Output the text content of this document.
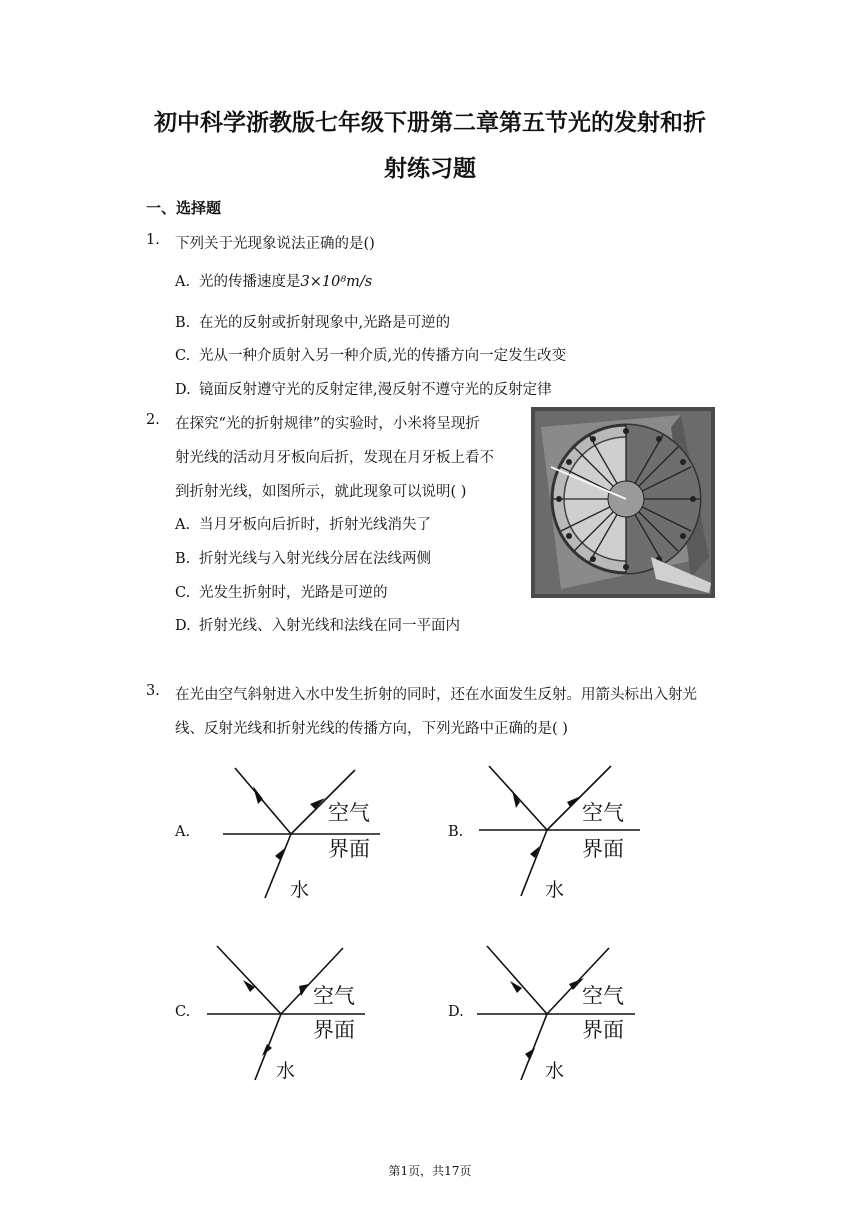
初中科学浙教版七年级下册第二章第五节光的发射和折
射练习题
一、选择题
1. 下列关于光现象说法正确的是()
A. 光的传播速度是3×10⁸m/s
B. 在光的反射或折射现象中,光路是可逆的
C. 光从一种介质射入另一种介质,光的传播方向一定发生改变
D. 镜面反射遵守光的反射定律,漫反射不遵守光的反射定律
2. 在探究“光的折射规律”的实验时，小米将呈现折
射光线的活动月牙板向后折，发现在月牙板上看不
到折射光线，如图所示，就此现象可以说明( )
A. 当月牙板向后折时，折射光线消失了
B. 折射光线与入射光线分居在法线两侧
C. 光发生折射时，光路是可逆的
D. 折射光线、入射光线和法线在同一平面内
3. 在光由空气斜射进入水中发生折射的同时，还在水面发生反射。用箭头标出入射光
线、反射光线和折射光线的传播方向，下列光路中正确的是( )
A.
空气
界面
水
B.
空气
界面
水
C.
空气
界面
水
D.
空气
界面
水
第1页，共17页
